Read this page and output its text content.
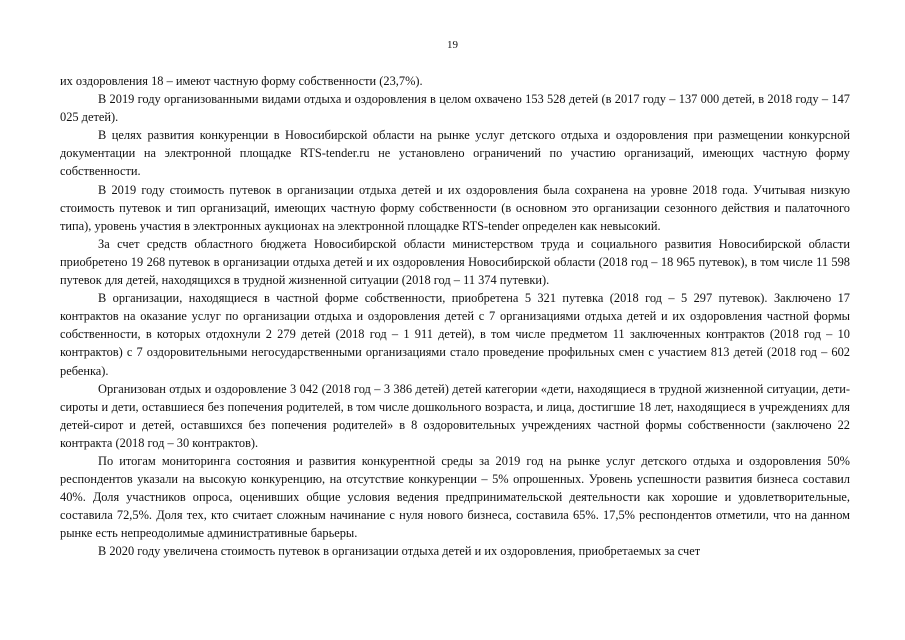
19

их оздоровления 18 – имеют частную форму собственности (23,7%).

В 2019 году организованными видами отдыха и оздоровления в целом охвачено 153 528 детей (в 2017 году – 137 000 детей, в 2018 году – 147 025 детей).

В целях развития конкуренции в Новосибирской области на рынке услуг детского отдыха и оздоровления при размещении конкурсной документации на электронной площадке RTS-tender.ru не установлено ограничений по участию организаций, имеющих частную форму собственности.

В 2019 году стоимость путевок в организации отдыха детей и их оздоровления была сохранена на уровне 2018 года. Учитывая низкую стоимость путевок и тип организаций, имеющих частную форму собственности (в основном это организации сезонного действия и палаточного типа), уровень участия в электронных аукционах на электронной площадке RTS-tender определен как невысокий.

За счет средств областного бюджета Новосибирской области министерством труда и социального развития Новосибирской области приобретено 19 268 путевок в организации отдыха детей и их оздоровления Новосибирской области (2018 год – 18 965 путевок), в том числе 11 598 путевок для детей, находящихся в трудной жизненной ситуации (2018 год – 11 374 путевки).

В организации, находящиеся в частной форме собственности, приобретена 5 321 путевка (2018 год – 5 297 путевок). Заключено 17 контрактов на оказание услуг по организации отдыха и оздоровления детей с 7 организациями отдыха детей и их оздоровления частной формы собственности, в которых отдохнули 2 279 детей (2018 год – 1 911 детей), в том числе предметом 11 заключенных контрактов (2018 год – 10 контрактов) с 7 оздоровительными негосударственными организациями стало проведение профильных смен с участием 813 детей (2018 год – 602 ребенка).

Организован отдых и оздоровление 3 042 (2018 год – 3 386 детей) детей категории «дети, находящиеся в трудной жизненной ситуации, дети-сироты и дети, оставшиеся без попечения родителей, в том числе дошкольного возраста, и лица, достигшие 18 лет, находящиеся в учреждениях для детей-сирот и детей, оставшихся без попечения родителей» в 8 оздоровительных учреждениях частной формы собственности (заключено 22 контракта (2018 год – 30 контрактов).

По итогам мониторинга состояния и развития конкурентной среды за 2019 год на рынке услуг детского отдыха и оздоровления 50% респондентов указали на высокую конкуренцию, на отсутствие конкуренции – 5% опрошенных. Уровень успешности развития бизнеса составил 40%. Доля участников опроса, оценивших общие условия ведения предпринимательской деятельности как хорошие и удовлетворительные, составила 72,5%. Доля тех, кто считает сложным начинание с нуля нового бизнеса, составила 65%. 17,5% респондентов отметили, что на данном рынке есть непреодолимые административные барьеры.

В 2020 году увеличена стоимость путевок в организации отдыха детей и их оздоровления, приобретаемых за счет
